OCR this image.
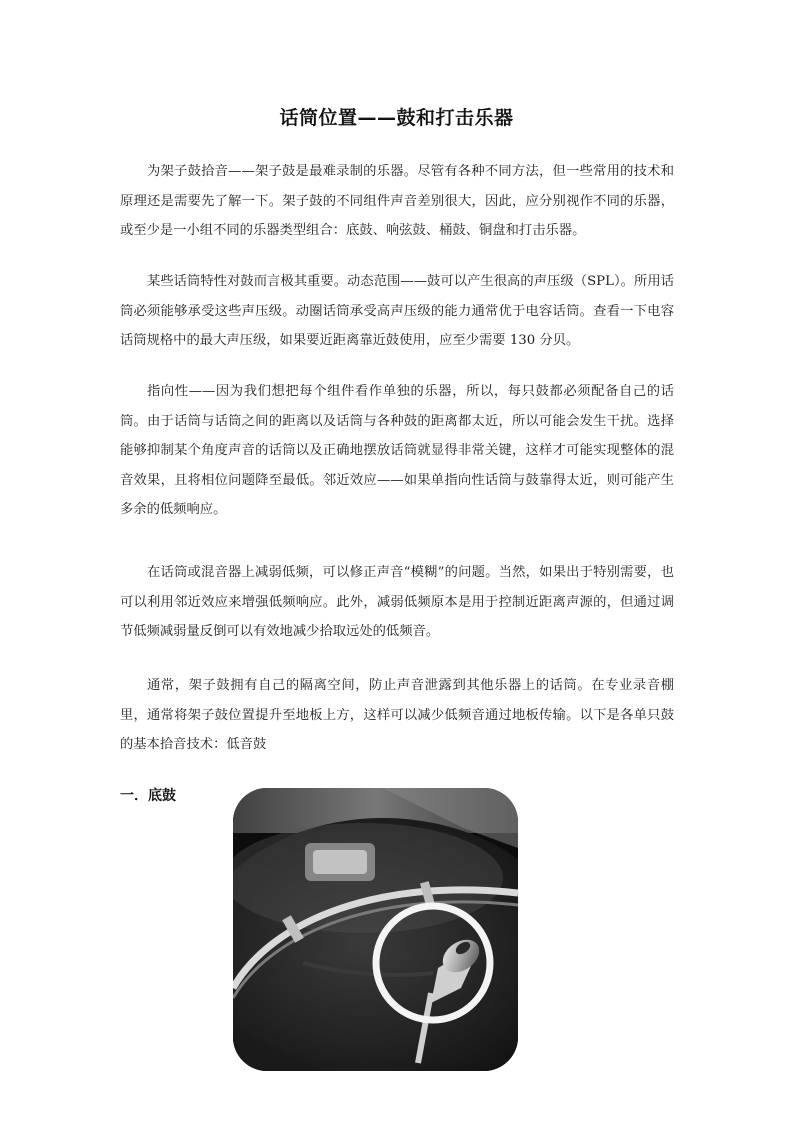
话筒位置——鼓和打击乐器

为架子鼓拾音——架子鼓是最难录制的乐器。尽管有各种不同方法，但一些常用的技术和原理还是需要先了解一下。架子鼓的不同组件声音差别很大，因此，应分别视作不同的乐器，或至少是一小组不同的乐器类型组合：底鼓、响弦鼓、桶鼓、铜盘和打击乐器。

某些话筒特性对鼓而言极其重要。动态范围——鼓可以产生很高的声压级（SPL）。所用话筒必须能够承受这些声压级。动圈话筒承受高声压级的能力通常优于电容话筒。查看一下电容话筒规格中的最大声压级，如果要近距离靠近鼓使用，应至少需要 130 分贝。

指向性——因为我们想把每个组件看作单独的乐器，所以，每只鼓都必须配备自己的话筒。由于话筒与话筒之间的距离以及话筒与各种鼓的距离都太近，所以可能会发生干扰。选择能够抑制某个角度声音的话筒以及正确地摆放话筒就显得非常关键，这样才可能实现整体的混音效果，且将相位问题降至最低。邻近效应——如果单指向性话筒与鼓靠得太近，则可能产生多余的低频响应。

在话筒或混音器上减弱低频，可以修正声音“模糊”的问题。当然，如果出于特别需要，也可以利用邻近效应来增强低频响应。此外，减弱低频原本是用于控制近距离声源的，但通过调节低频减弱量反倒可以有效地减少拾取远处的低频音。

通常，架子鼓拥有自己的隔离空间，防止声音泄露到其他乐器上的话筒。在专业录音棚里，通常将架子鼓位置提升至地板上方，这样可以减少低频音通过地板传输。以下是各单只鼓的基本拾音技术：低音鼓

一．底鼓
